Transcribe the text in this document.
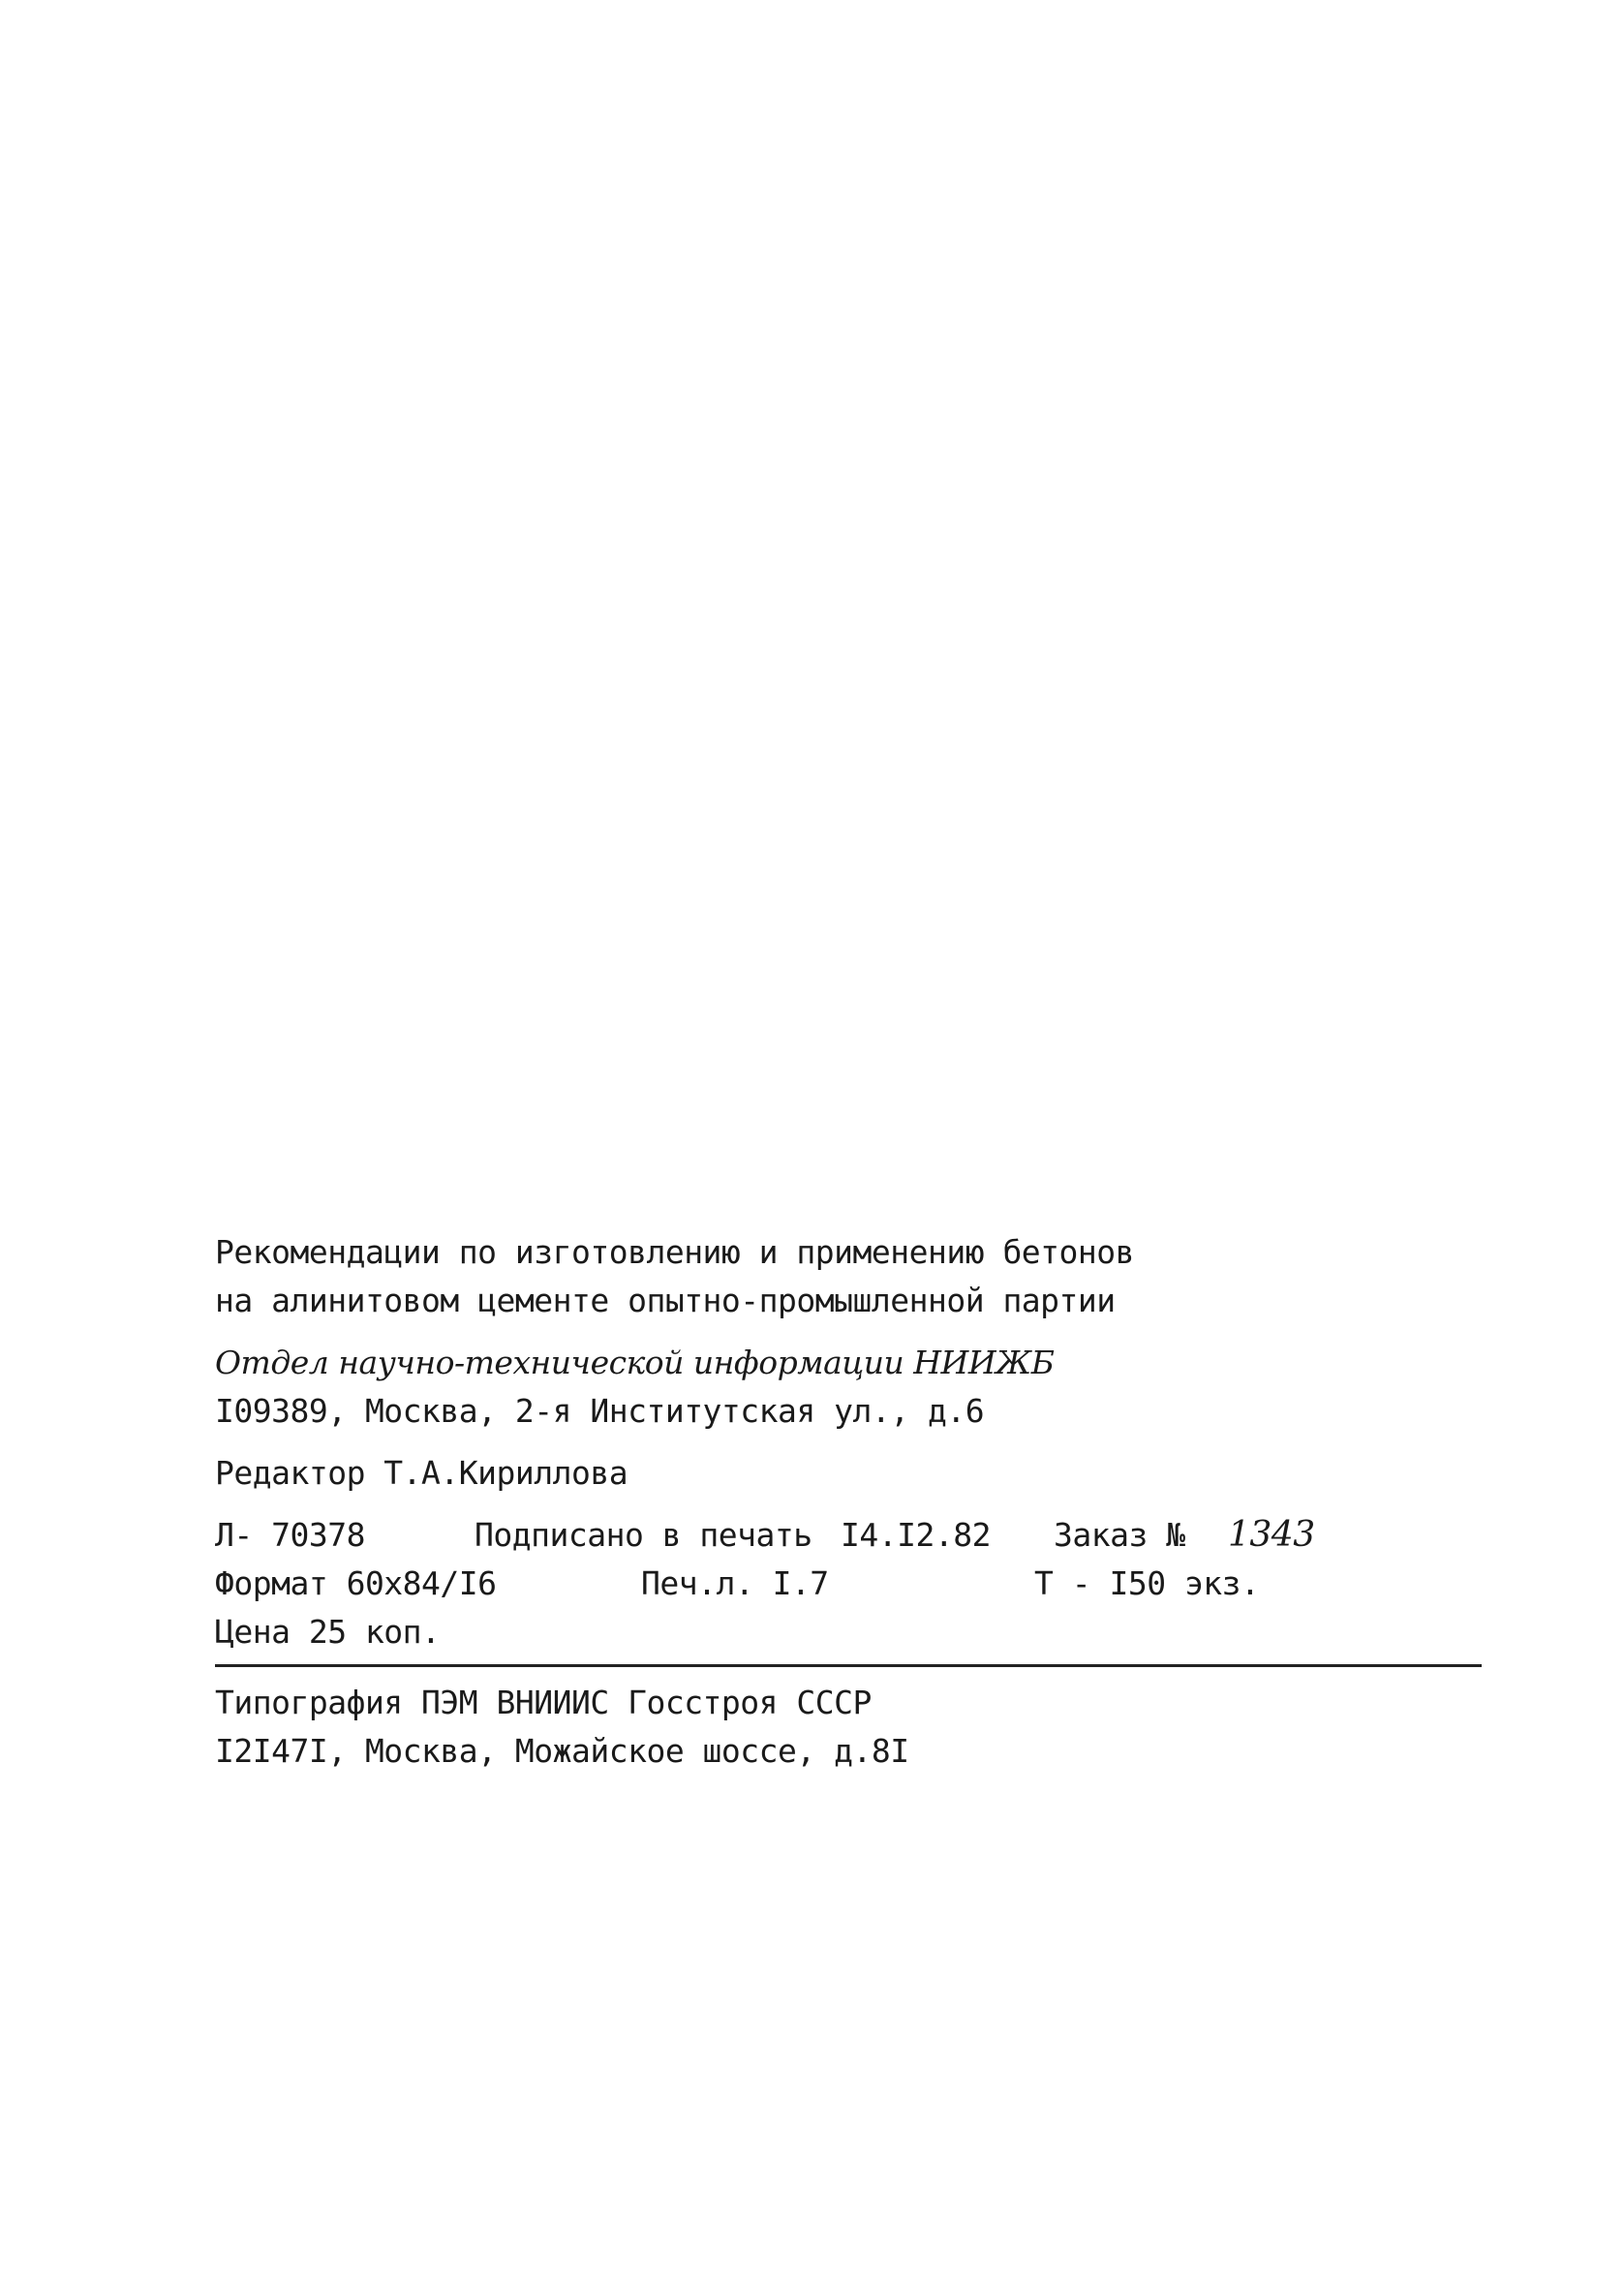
Рекомендации по изготовлению и применению бетонов
на алинитовом цементе опытно-промышленной партии
Отдел научно-технической информации НИИЖБ
I09389, Москва, 2-я Институтская ул., д.6
Редактор Т.А.Кириллова
Л- 70378	Подписано в печать I4.I2.82 Заказ № 1343
Формат 60х84/I6	Печ.л. I.7	Т - I50 экз.
Цена 25 коп.
Типография ПЭМ ВНИИИС Госстроя СССР
I2I47I, Москва, Можайское шоссе, д.8I
